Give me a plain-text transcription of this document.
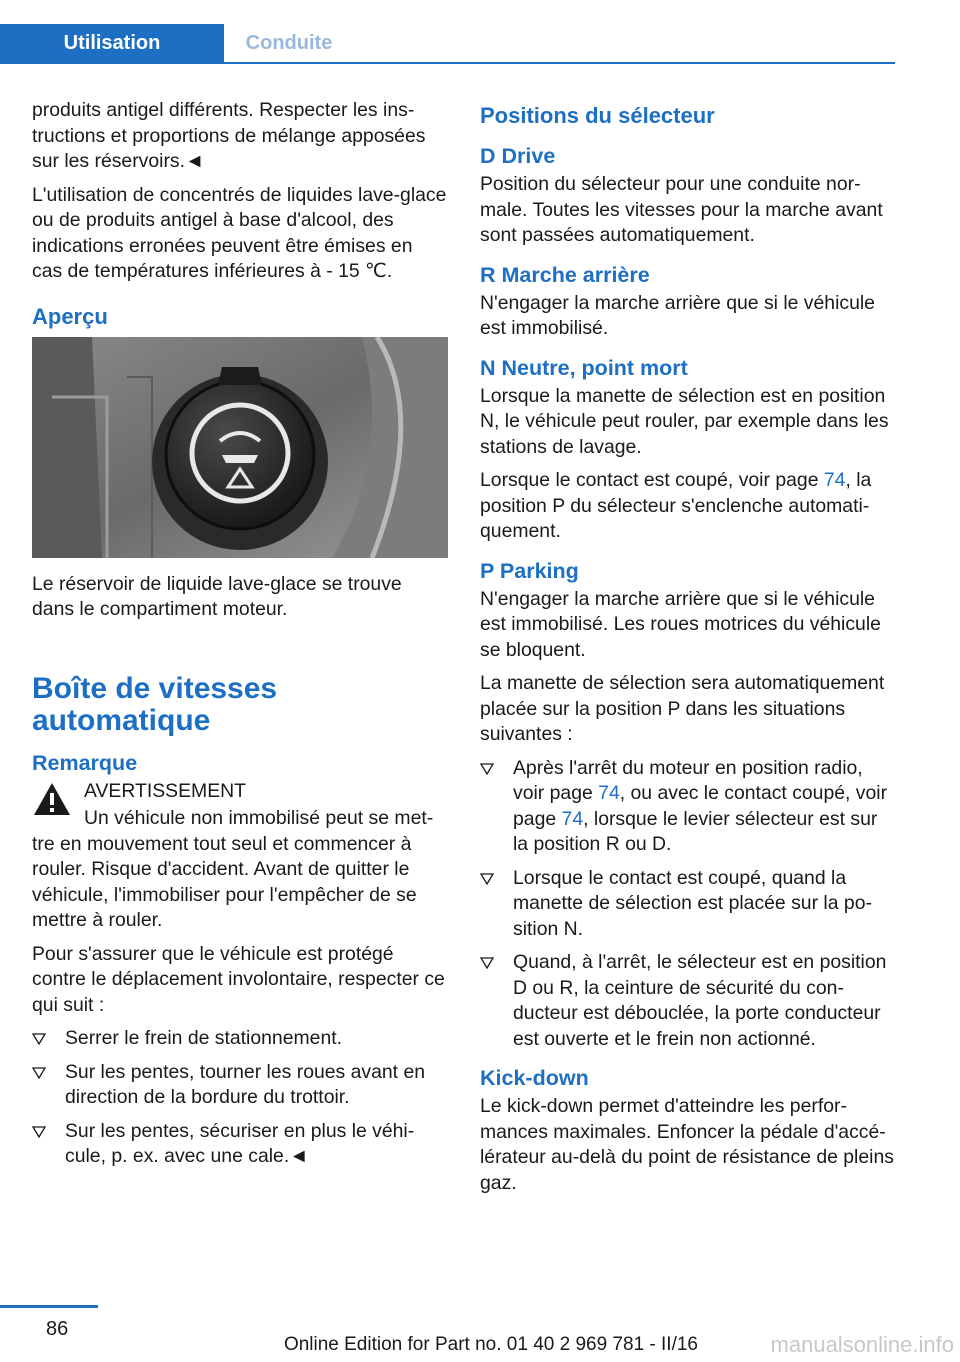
Utilisation	Conduite

produits antigel différents. Respecter les instructions et proportions de mélange apposées sur les réservoirs.◄

L'utilisation de concentrés de liquides lave-glace ou de produits antigel à base d'alcool, des indications erronées peuvent être émises en cas de températures inférieures à - 15 ℃.

Aperçu

Le réservoir de liquide lave-glace se trouve dans le compartiment moteur.

Boîte de vitesses automatique
Remarque
AVERTISSEMENT

Un véhicule non immobilisé peut se mettre en mouvement tout seul et commencer à rouler. Risque d'accident. Avant de quitter le véhicule, l'immobiliser pour l'empêcher de se mettre à rouler.

Pour s'assurer que le véhicule est protégé contre le déplacement involontaire, respecter ce qui suit :

Serrer le frein de stationnement.
Sur les pentes, tourner les roues avant en direction de la bordure du trottoir.
Sur les pentes, sécuriser en plus le véhicule, p. ex. avec une cale.◄
Positions du sélecteur
D Drive

Position du sélecteur pour une conduite normale. Toutes les vitesses pour la marche avant sont passées automatiquement.

R Marche arrière

N'engager la marche arrière que si le véhicule est immobilisé.

N Neutre, point mort

Lorsque la manette de sélection est en position N, le véhicule peut rouler, par exemple dans les stations de lavage.

Lorsque le contact est coupé, voir page 74, la position P du sélecteur s'enclenche automatiquement.

P Parking

N'engager la marche arrière que si le véhicule est immobilisé. Les roues motrices du véhicule se bloquent.

La manette de sélection sera automatiquement placée sur la position P dans les situations suivantes :

Après l'arrêt du moteur en position radio, voir page 74, ou avec le contact coupé, voir page 74, lorsque le levier sélecteur est sur la position R ou D.
Lorsque le contact est coupé, quand la manette de sélection est placée sur la position N.
Quand, à l'arrêt, le sélecteur est en position D ou R, la ceinture de sécurité du conducteur est débouclée, la porte conducteur est ouverte et le frein non actionné.
Kick-down

Le kick-down permet d'atteindre les performances maximales. Enfoncer la pédale d'accélérateur au-delà du point de résistance de pleins gaz.

86
Online Edition for Part no. 01 40 2 969 781 - II/16	manualsonline.info
